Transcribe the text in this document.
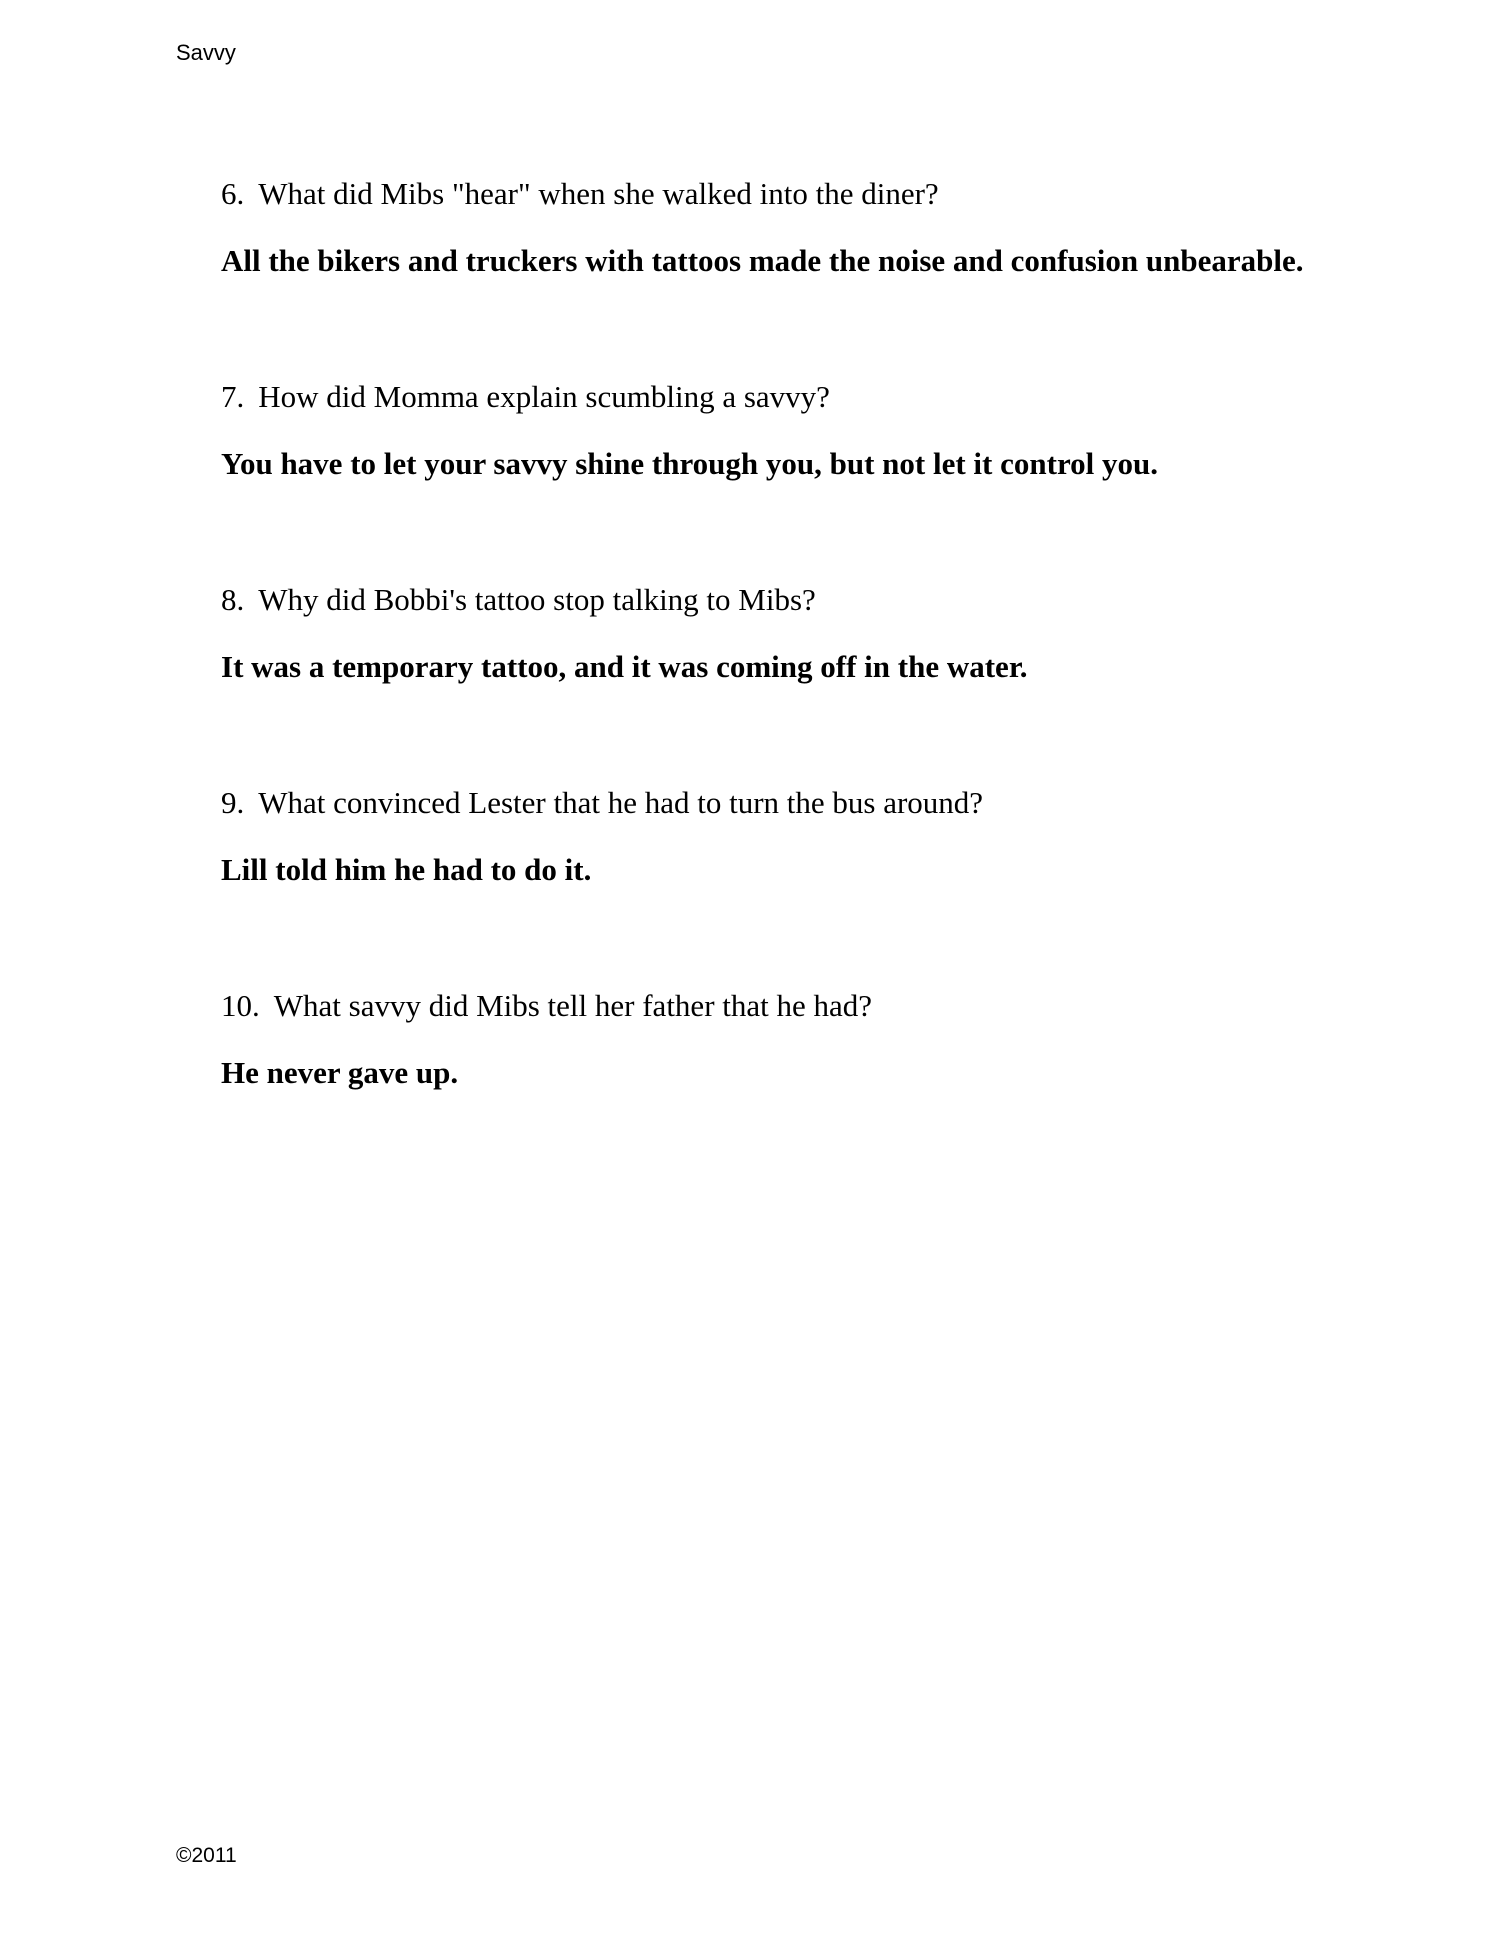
Savvy

6. What did Mibs "hear" when she walked into the diner?

All the bikers and truckers with tattoos made the noise and confusion unbearable.

7. How did Momma explain scumbling a savvy?

You have to let your savvy shine through you, but not let it control you.

8. Why did Bobbi's tattoo stop talking to Mibs?

It was a temporary tattoo, and it was coming off in the water.

9. What convinced Lester that he had to turn the bus around?

Lill told him he had to do it.

10. What savvy did Mibs tell her father that he had?

He never gave up.

©2011
